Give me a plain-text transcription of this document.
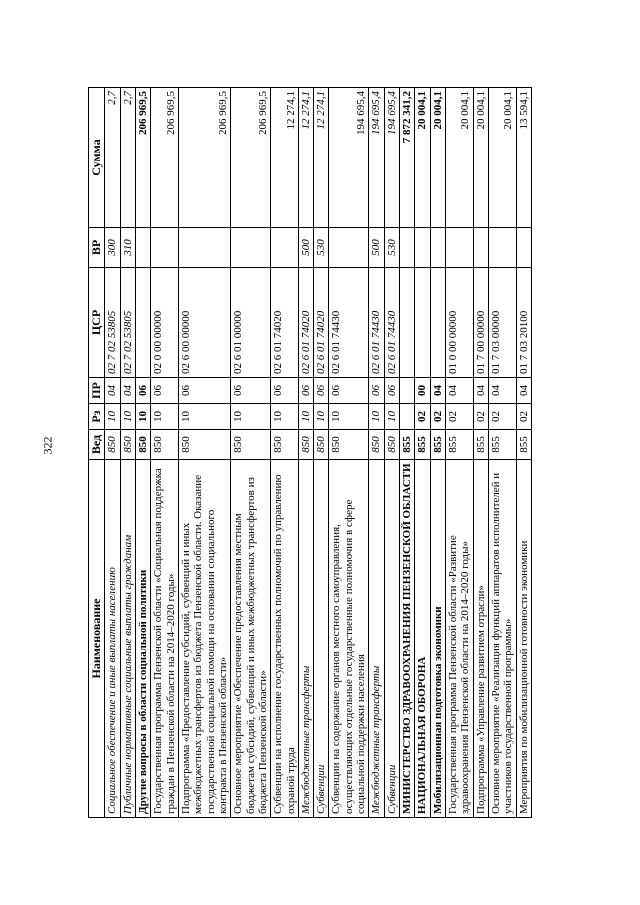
322
Наименование	Вед	Рз	ПР	ЦСР	ВР	Сумма
Социальное обеспечение и иные выплаты населению	850	10	04	02 7 02 53805	300	2,7
Публичные нормативные социальные выплаты гражданам	850	10	04	02 7 02 53805	310	2,7
Другие вопросы в области социальной политики	850	10	06			206 969,5
Государственная программа Пензенской области «Социальная поддержка граждан в Пензенской области на 2014–2020 годы»	850	10	06	02 0 00 00000		206 969,5
Подпрограмма «Предоставление субсидий, субвенций и иных межбюджетных трансфертов из бюджета Пензенской области. Оказание государственной социальной помощи на основании социального контракта в Пензенской области»	850	10	06	02 6 00 00000		206 969,5
Основное мероприятие «Обеспечение предоставления местным бюджетам субсидий, субвенций и иных межбюджетных трансфертов из бюджета Пензенской области»	850	10	06	02 6 01 00000		206 969,5
Субвенции на исполнение государственных полномочий по управлению охраной труда	850	10	06	02 6 01 74020		12 274,1
Межбюджетные трансферты	850	10	06	02 6 01 74020	500	12 274,1
Субвенции	850	10	06	02 6 01 74020	530	12 274,1
Субвенции на содержание органов местного самоуправления, осуществляющих отдельные государственные полномочия в сфере социальной поддержки населения	850	10	06	02 6 01 74430		194 695,4
Межбюджетные трансферты	850	10	06	02 6 01 74430	500	194 695,4
Субвенции	850	10	06	02 6 01 74430	530	194 695,4
МИНИСТЕРСТВО ЗДРАВООХРАНЕНИЯ ПЕНЗЕНСКОЙ ОБЛАСТИ	855					7 872 341,2
НАЦИОНАЛЬНАЯ ОБОРОНА	855	02	00			20 004,1
Мобилизационная подготовка экономики	855	02	04			20 004,1
Государственная программа Пензенской области «Развитие здравоохранения Пензенской области на 2014–2020 годы»	855	02	04	01 0 00 00000		20 004,1
Подпрограмма «Управление развитием отрасли»	855	02	04	01 7 00 00000		20 004,1
Основное мероприятие «Реализация функций аппаратов исполнителей и участников государственной программы»	855	02	04	01 7 03 00000		20 004,1
Мероприятия по мобилизационной готовности экономики	855	02	04	01 7 03 20100		13 594,1
